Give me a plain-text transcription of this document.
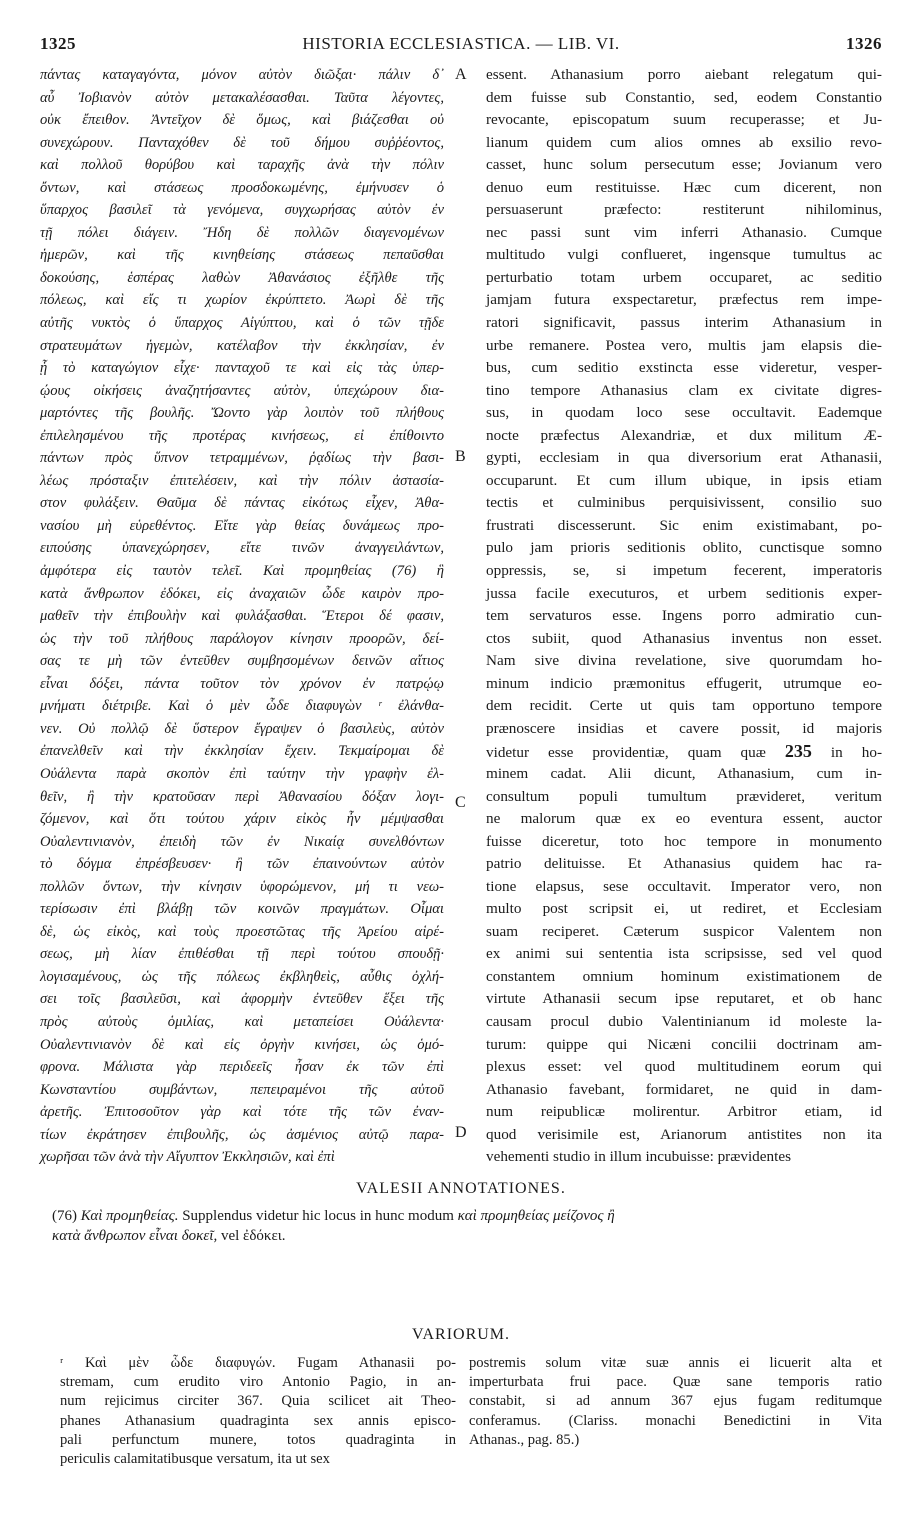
1325	HISTORIA ECCLESIASTICA. — LIB. VI.	1326
πάντας καταγαγόντα, μόνον αὐτὸν διῶξαι· πάλιν δ᾽
αὖ Ἰοβιανὸν αὐτὸν μετακαλέσασθαι. Ταῦτα λέγοντες,
οὐκ ἔπειθον. Ἀντεῖχον δὲ ὅμως, καὶ βιάζεσθαι οὐ
συνεχώρουν. Πανταχόθεν δὲ τοῦ δήμου συῤῥέοντος,
καὶ πολλοῦ θορύβου καὶ ταραχῆς ἀνὰ τὴν πόλιν
ὄντων, καὶ στάσεως προσδοκωμένης, ἐμήνυσεν ὁ
ὕπαρχος βασιλεῖ τὰ γενόμενα, συγχωρήσας αὐτὸν ἐν
τῇ πόλει διάγειν. Ἤδη δὲ πολλῶν διαγενομένων
ἡμερῶν, καὶ τῆς κινηθείσης στάσεως πεπαῦσθαι
δοκούσης, ἑσπέρας λαθὼν Ἀθανάσιος ἐξῆλθε τῆς
πόλεως, καὶ εἴς τι χωρίον ἐκρύπτετο. Ἀωρὶ δὲ τῆς
αὐτῆς νυκτὸς ὁ ὕπαρχος Αἰγύπτου, καὶ ὁ τῶν τῇδε
στρατευμάτων ἡγεμὼν, κατέλαβον τὴν ἐκκλησίαν, ἐν
ᾗ τὸ καταγώγιον εἶχε· πανταχοῦ τε καὶ εἰς τὰς ὑπερ-
ῴους οἰκήσεις ἀναζητήσαντες αὐτὸν, ὑπεχώρουν δια-
μαρτόντες τῆς βουλῆς. Ὤοντο γὰρ λοιπὸν τοῦ πλήθους
ἐπιλελησμένου τῆς προτέρας κινήσεως, εἰ ἐπίθοιντο
πάντων πρὸς ὕπνον τετραμμένων, ῥᾳδίως τὴν βασι-
λέως πρόσταξιν ἐπιτελέσειν, καὶ τὴν πόλιν ἀστασία-
στον φυλάξειν. Θαῦμα δὲ πάντας εἰκότως εἶχεν, Ἀθα-
νασίου μὴ εὑρεθέντος. Εἴτε γὰρ θείας δυνάμεως προ-
ειπούσης ὑπανεχώρησεν, εἴτε τινῶν ἀναγγειλάντων,
ἀμφότερα εἰς ταυτὸν τελεῖ. Καὶ προμηθείας (76) ἣ
κατὰ ἄνθρωπον ἐδόκει, εἰς ἀναχαιῶν ὧδε καιρὸν προ-
μαθεῖν τὴν ἐπιβουλὴν καὶ φυλάξασθαι. Ἕτεροι δέ φασιν,
ὡς τὴν τοῦ πλήθους παράλογον κίνησιν προορῶν, δεί-
σας τε μὴ τῶν ἐντεῦθεν συμβησομένων δεινῶν αἴτιος
εἶναι δόξει, πάντα τοῦτον τὸν χρόνον ἐν πατρῴῳ
μνήματι διέτριβε. Καὶ ὁ μὲν ὧδε διαφυγὼν ʳ ἐλάνθα-
νεν. Οὐ πολλῷ δὲ ὕστερον ἔγραψεν ὁ βασιλεὺς, αὐτὸν
ἐπανελθεῖν καὶ τὴν ἐκκλησίαν ἔχειν. Τεκμαίρομαι δὲ
Οὐάλεντα παρὰ σκοπὸν ἐπὶ ταύτην τὴν γραφὴν ἐλ-
θεῖν, ἢ τὴν κρατοῦσαν περὶ Ἀθανασίου δόξαν λογι-
ζόμενον, καὶ ὅτι τούτου χάριν εἰκὸς ἦν μέμψασθαι
Οὐαλεντινιανὸν, ἐπειδὴ τῶν ἐν Νικαίᾳ συνελθόντων
τὸ δόγμα ἐπρέσβευσεν· ἢ τῶν ἐπαινούντων αὐτὸν
πολλῶν ὄντων, τὴν κίνησιν ὑφορώμενον, μή τι νεω-
τερίσωσιν ἐπὶ βλάβῃ τῶν κοινῶν πραγμάτων. Οἶμαι
δὲ, ὡς εἰκὸς, καὶ τοὺς προεστῶτας τῆς Ἀρείου αἱρέ-
σεως, μὴ λίαν ἐπιθέσθαι τῇ περὶ τούτου σπουδῇ·
λογισαμένους, ὡς τῆς πόλεως ἐκβληθεὶς, αὖθις ὀχλή-
σει τοῖς βασιλεῦσι, καὶ ἀφορμὴν ἐντεῦθεν ἕξει τῆς
πρὸς αὐτοὺς ὁμιλίας, καὶ μεταπείσει Οὐάλεντα·
Οὐαλεντινιανὸν δὲ καὶ εἰς ὀργὴν κινήσει, ὡς ὁμό-
φρονα. Μάλιστα γὰρ περιδεεῖς ἦσαν ἐκ τῶν ἐπὶ
Κωνσταντίου συμβάντων, πεπειραμένοι τῆς αὐτοῦ
ἀρετῆς. Ἐπιτοσοῦτον γὰρ καὶ τότε τῆς τῶν ἐναν-
τίων ἐκράτησεν ἐπιβουλῆς, ὡς ἀσμένιος αὐτῷ παρα-
χωρῆσαι τῶν ἀνὰ τὴν Αἴγυπτον Ἐκκλησιῶν, καὶ ἐπὶ
essent. Athanasium porro aiebant relegatum qui-
dem fuisse sub Constantio, sed, eodem Constantio
revocante, episcopatum suum recuperasse; et Ju-
lianum quidem cum alios omnes ab exsilio revo-
casset, hunc solum persecutum esse; Jovianum vero
denuo eum restituisse. Hæc cum dicerent, non
persuaserunt præfecto: restiterunt nihilominus,
nec passi sunt vim inferri Athanasio. Cumque
multitudo vulgi conflueret, ingensque tumultus ac
perturbatio totam urbem occuparet, ac seditio
jamjam futura exspectaretur, præfectus rem impe-
ratori significavit, passus interim Athanasium in
urbe remanere. Postea vero, multis jam elapsis die-
bus, cum seditio exstincta esse videretur, vesper-
tino tempore Athanasius clam ex civitate digres-
sus, in quodam loco sese occultavit. Eademque
nocte præfectus Alexandriæ, et dux militum Æ-
gypti, ecclesiam in qua diversorium erat Athanasii,
occuparunt. Et cum illum ubique, in ipsis etiam
tectis et culminibus perquisivissent, consilio suo
frustrati discesserunt. Sic enim existimabant, po-
pulo jam prioris seditionis oblito, cunctisque somno
oppressis, se, si impetum fecerent, imperatoris
jussa facile executuros, et urbem seditionis exper-
tem servaturos esse. Ingens porro admiratio cun-
ctos subiit, quod Athanasius inventus non esset.
Nam sive divina revelatione, sive quorumdam ho-
minum indicio præmonitus effugerit, utrumque eo-
dem recidit. Certe ut quis tam opportuno tempore
prænoscere insidias et cavere possit, id majoris
videtur esse providentiæ, quam quæ 235 in ho-
minem cadat. Alii dicunt, Athanasium, cum in-
consultum populi tumultum prævideret, veritum
ne malorum quæ ex eo eventura essent, auctor
fuisse diceretur, toto hoc tempore in monumento
patrio delituisse. Et Athanasius quidem hac ra-
tione elapsus, sese occultavit. Imperator vero, non
multo post scripsit ei, ut rediret, et Ecclesiam
suam reciperet. Cæterum suspicor Valentem non
ex animi sui sententia ista scripsisse, sed vel quod
constantem omnium hominum existimationem de
virtute Athanasii secum ipse reputaret, et ob hanc
causam procul dubio Valentinianum id moleste la-
turum: quippe qui Nicæni concilii doctrinam am-
plexus esset: vel quod multitudinem eorum qui
Athanasio favebant, formidaret, ne quid in dam-
num reipublicæ molirentur. Arbitror etiam, id
quod verisimile est, Arianorum antistites non ita
vehementi studio in illum incubuisse: prævidentes
A
B
C
D
VALESII ANNOTATIONES.
(76) Καὶ προμηθείας. Supplendus videtur hic locus in hunc modum καὶ προμηθείας μείζονος ἢ
κατὰ ἄνθρωπον εἶναι δοκεῖ, vel ἐδόκει.
VARIORUM.
ʳ Καὶ μὲν ὧδε διαφυγών. Fugam Athanasii po-
stremam, cum erudito viro Antonio Pagio, in an-
num rejicimus circiter 367. Quia scilicet ait Theo-
phanes Athanasium quadraginta sex annis episco-
pali perfunctum munere, totos quadraginta in
periculis calamitatibusque versatum, ita ut sex
postremis solum vitæ suæ annis ei licuerit alta et
imperturbata frui pace. Quæ sane temporis ratio
constabit, si ad annum 367 ejus fugam reditumque
conferamus. (Clariss. monachi Benedictini in Vita
Athanas., pag. 85.)
